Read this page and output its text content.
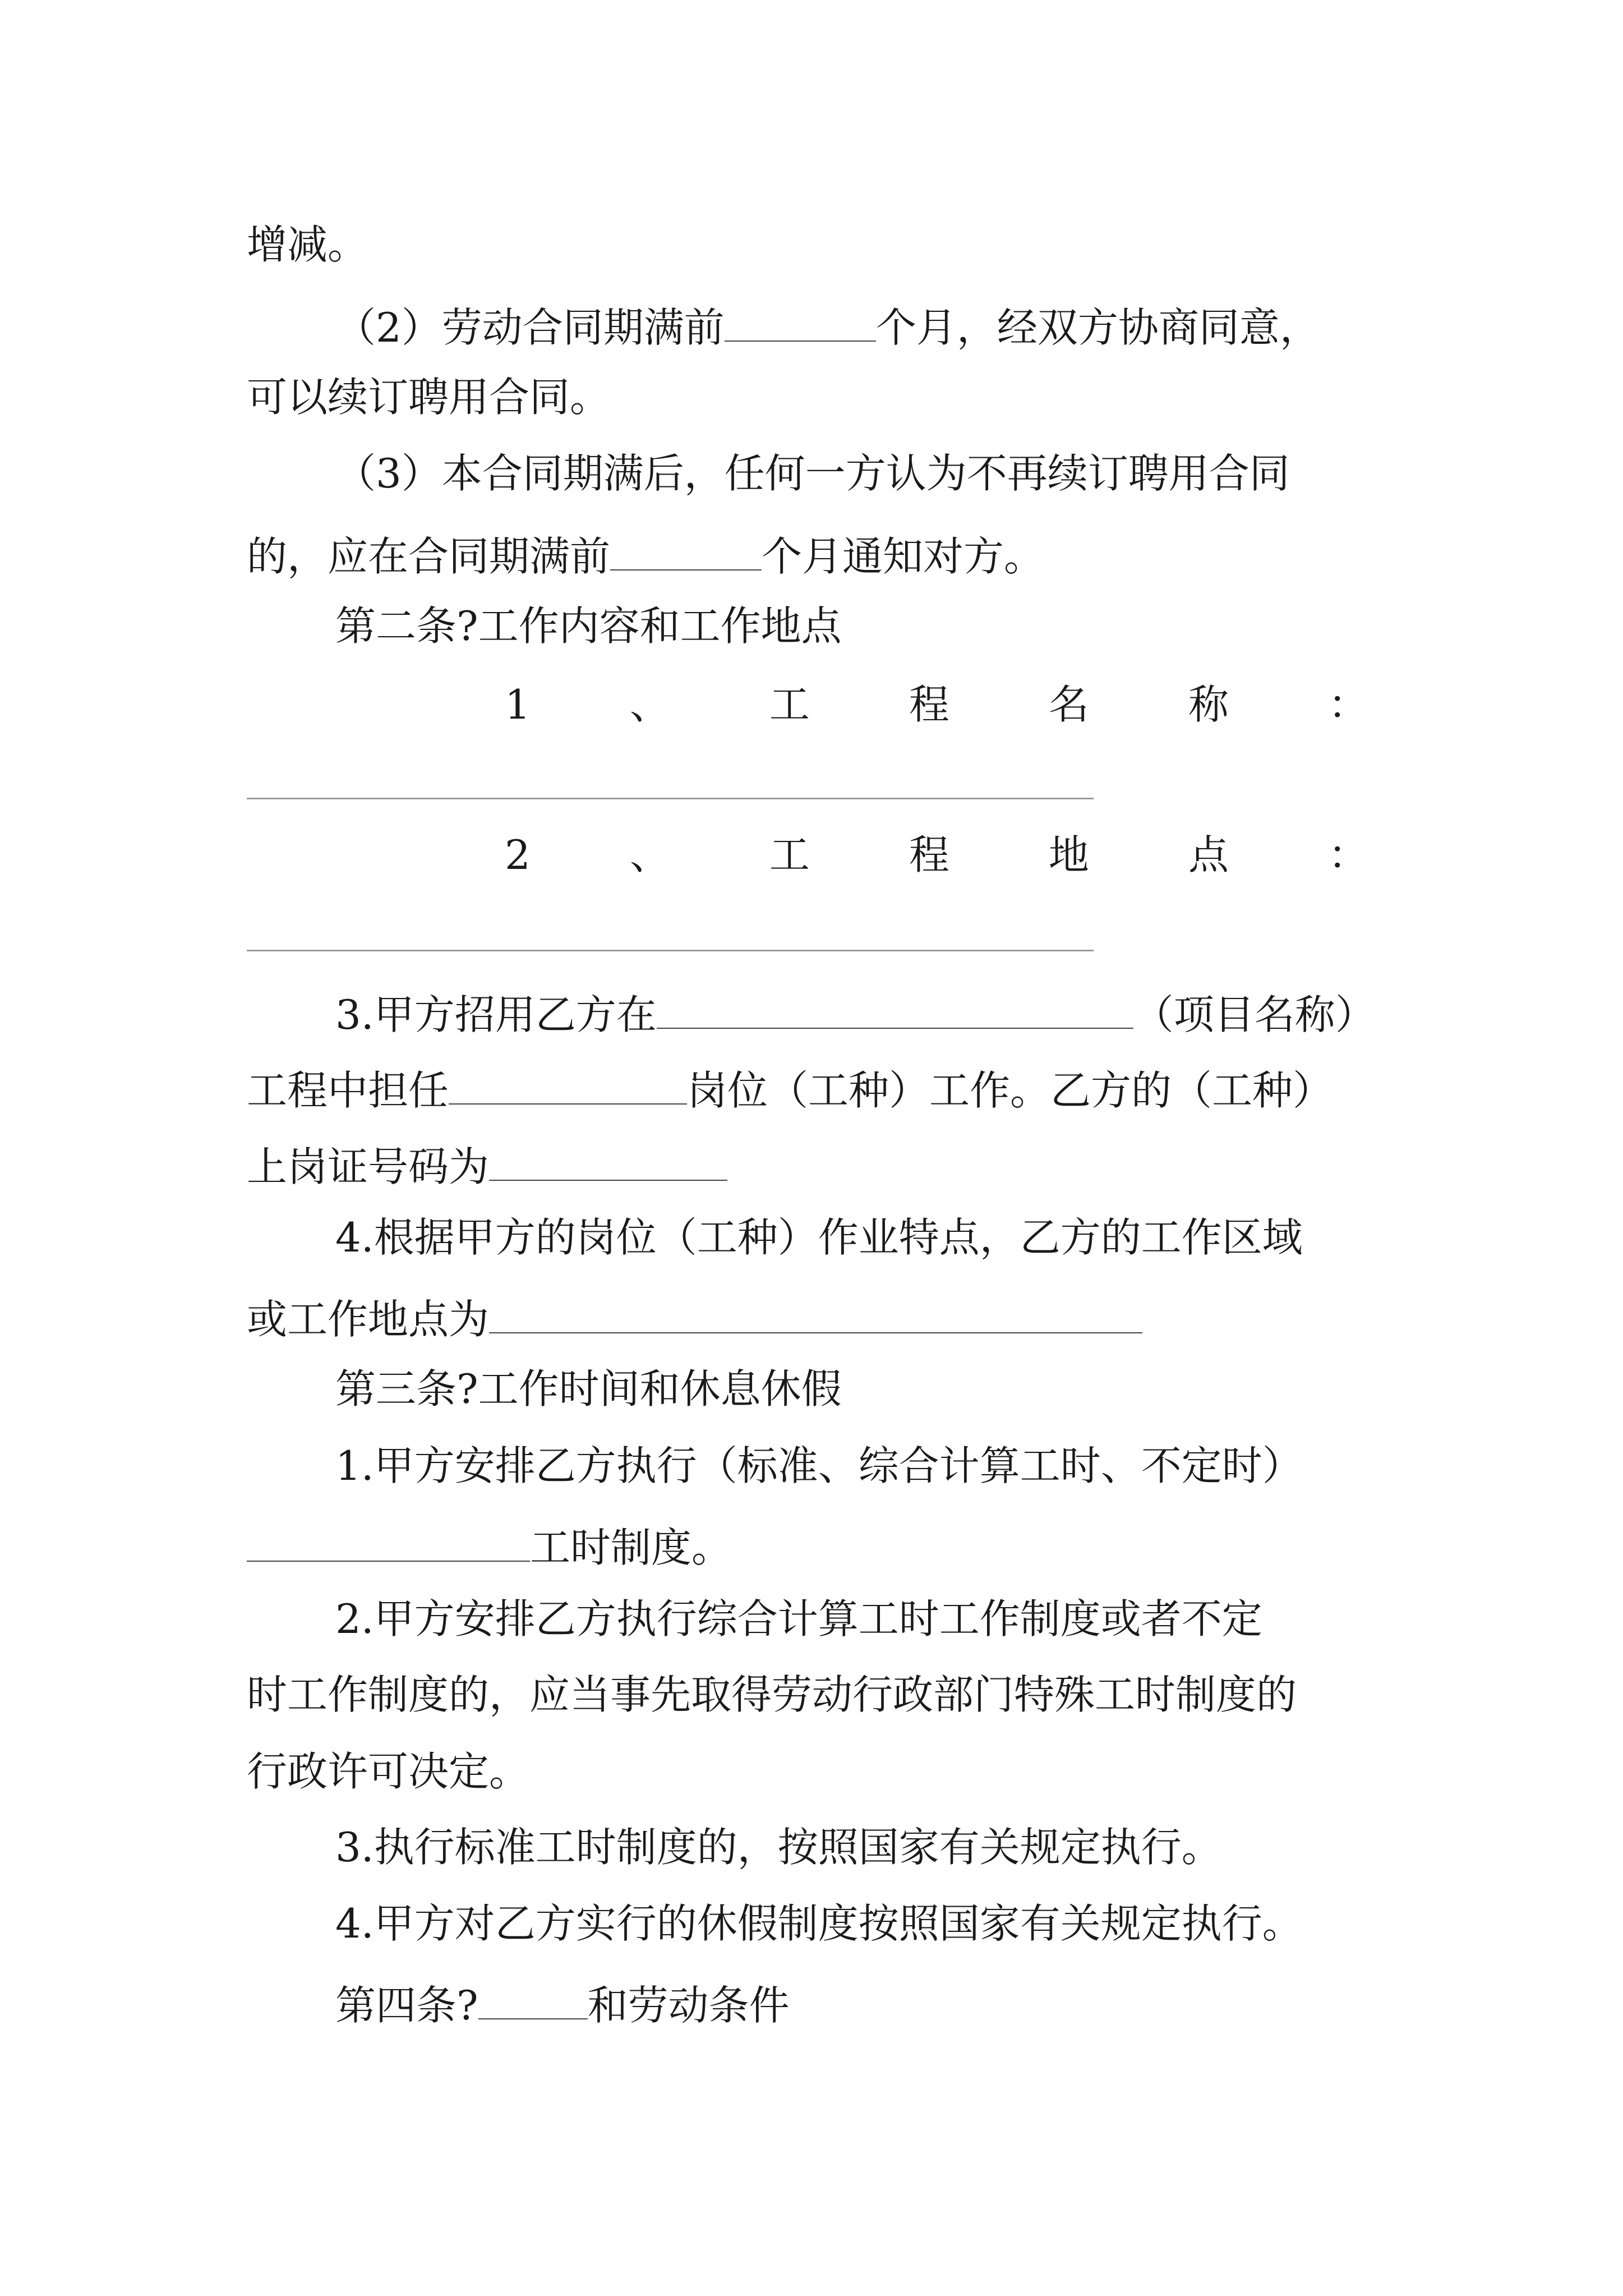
增减。
（2）劳动合同期满前	个月，经双方协商同意，
可以续订聘用合同。
（3）本合同期满后，任何一方认为不再续订聘用合同
的，应在合同期满前	个月通知对方。
第二条?工作内容和工作地点
1 、 工 程 名 称 ：
2 、 工 程 地 点 ：
3.甲方招用乙方在	（项目名称）
工程中担任	岗位（工种）工作。乙方的（工种）
上岗证号码为
4.根据甲方的岗位（工种）作业特点，乙方的工作区域
或工作地点为
第三条?工作时间和休息休假
1.甲方安排乙方执行（标准、综合计算工时、不定时）
工时制度。
2.甲方安排乙方执行综合计算工时工作制度或者不定
时工作制度的，应当事先取得劳动行政部门特殊工时制度的
行政许可决定。
3.执行标准工时制度的，按照国家有关规定执行。
4.甲方对乙方实行的休假制度按照国家有关规定执行。
第四条?	和劳动条件
